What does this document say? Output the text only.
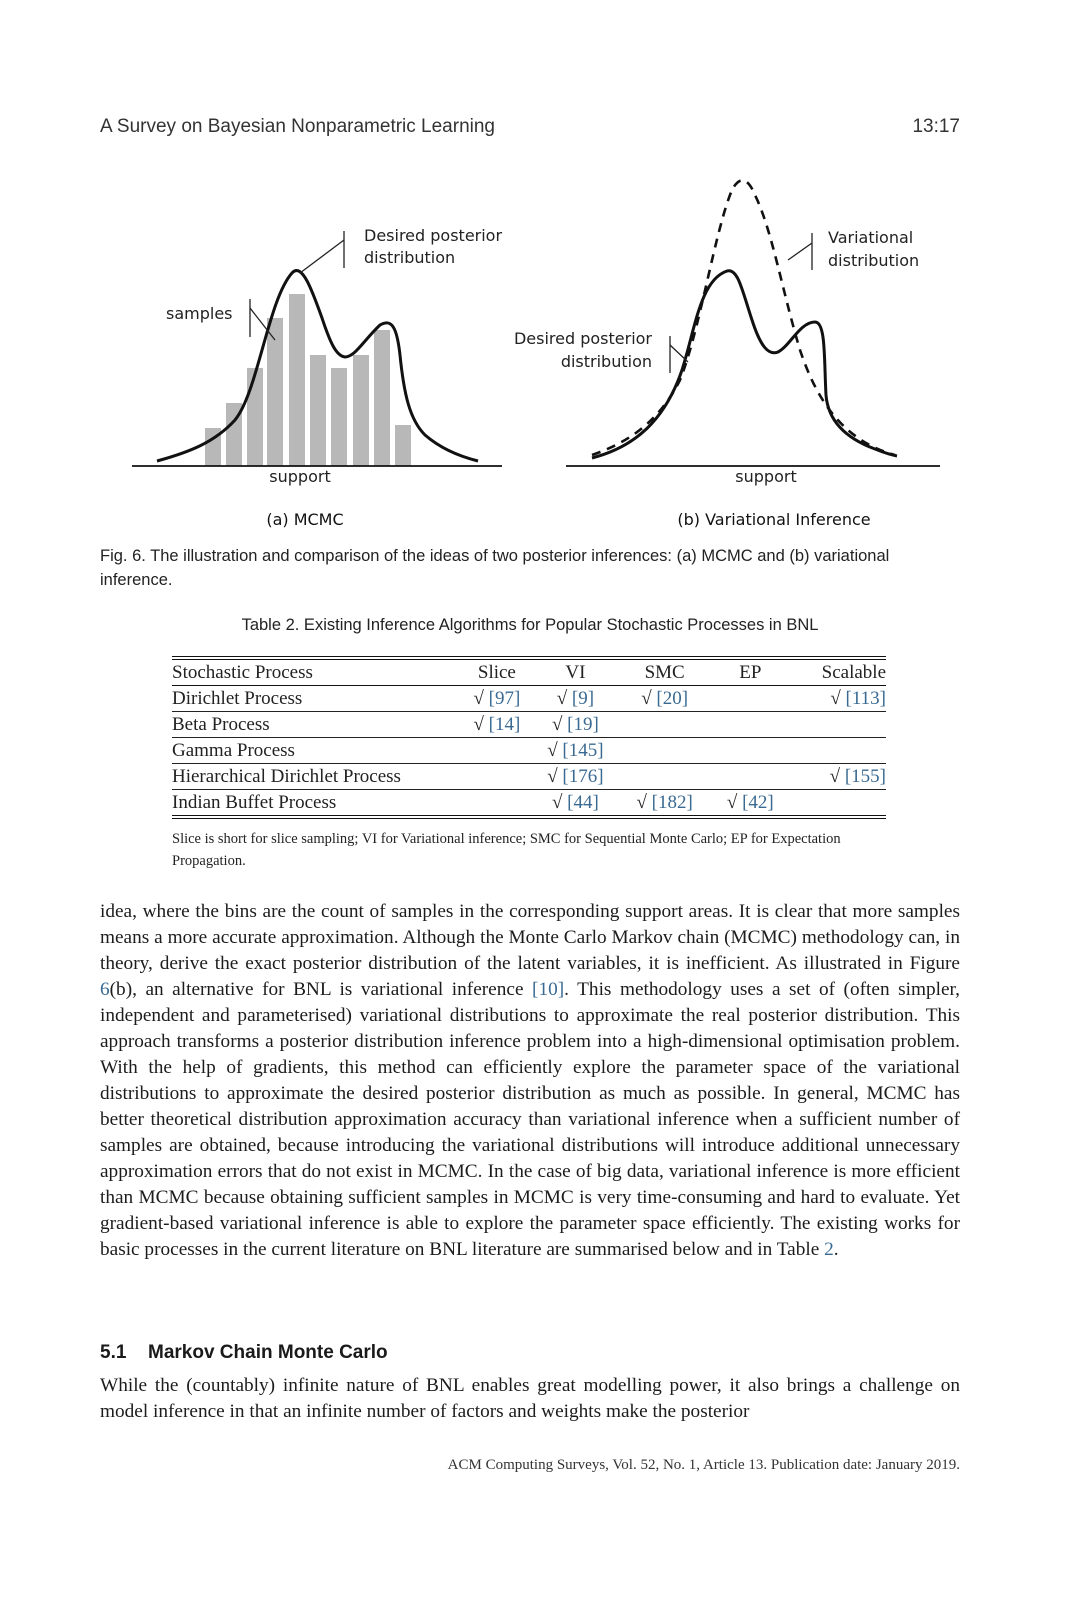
A Survey on Bayesian Nonparametric Learning	13:17
Desired posterior
distribution
samples
support
(a) MCMC
Variational
distribution
Desired posterior
distribution
support
(b) Variational Inference
Fig. 6. The illustration and comparison of the ideas of two posterior inferences: (a) MCMC and (b) variational inference.
Table 2. Existing Inference Algorithms for Popular Stochastic Processes in BNL
Stochastic Process	Slice	VI	SMC	EP	Scalable
Dirichlet Process	√ [97]	√ [9]	√ [20]		√ [113]
Beta Process	√ [14]	√ [19]			
Gamma Process		√ [145]			
Hierarchical Dirichlet Process		√ [176]			√ [155]
Indian Buffet Process		√ [44]	√ [182]	√ [42]	
Slice is short for slice sampling; VI for Variational inference; SMC for Sequential Monte Carlo; EP for Expectation Propagation.

idea, where the bins are the count of samples in the corresponding support areas. It is clear that more samples means a more accurate approximation. Although the Monte Carlo Markov chain (MCMC) methodology can, in theory, derive the exact posterior distribution of the latent variables, it is inefficient. As illustrated in Figure 6(b), an alternative for BNL is variational inference [10]. This methodology uses a set of (often simpler, independent and parameterised) variational distributions to approximate the real posterior distribution. This approach transforms a posterior distribution inference problem into a high-dimensional optimisation problem. With the help of gradients, this method can efficiently explore the parameter space of the variational distributions to approximate the desired posterior distribution as much as possible. In general, MCMC has better theoretical distribution approximation accuracy than variational inference when a sufficient number of samples are obtained, because introducing the variational distributions will introduce additional unnecessary approximation errors that do not exist in MCMC. In the case of big data, variational inference is more efficient than MCMC because obtaining sufficient samples in MCMC is very time-consuming and hard to evaluate. Yet gradient-based variational inference is able to explore the parameter space efficiently. The existing works for basic processes in the current literature on BNL literature are summarised below and in Table 2.

5.1 Markov Chain Monte Carlo

While the (countably) infinite nature of BNL enables great modelling power, it also brings a challenge on model inference in that an infinite number of factors and weights make the posterior

ACM Computing Surveys, Vol. 52, No. 1, Article 13. Publication date: January 2019.
